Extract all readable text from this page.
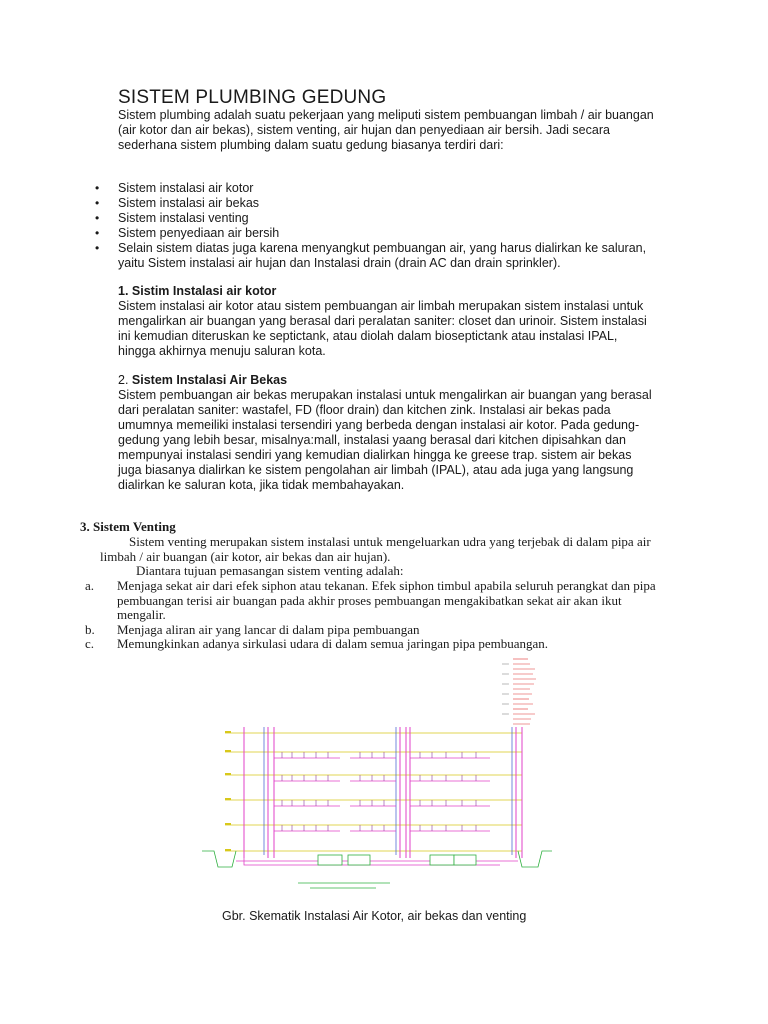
SISTEM PLUMBING GEDUNG
Sistem plumbing adalah suatu pekerjaan yang meliputi sistem pembuangan limbah / air buangan (air kotor dan air bekas), sistem venting, air hujan dan penyediaan air bersih. Jadi secara sederhana sistem plumbing dalam suatu gedung biasanya terdiri dari:
• Sistem instalasi air kotor
• Sistem instalasi air bekas
• Sistem instalasi venting
• Sistem penyediaan air bersih
• Selain sistem diatas juga karena menyangkut pembuangan air, yang harus dialirkan ke saluran, yaitu Sistem instalasi air hujan dan Instalasi drain (drain AC dan drain sprinkler).
1. Sistim Instalasi air kotor
Sistem instalasi air kotor atau sistem pembuangan air limbah merupakan sistem instalasi untuk mengalirkan air buangan yang berasal dari peralatan saniter: closet dan urinoir. Sistem instalasi ini kemudian diteruskan ke septictank, atau diolah dalam bioseptictank atau instalasi IPAL, hingga akhirnya menuju saluran kota.
2. Sistem Instalasi Air Bekas
Sistem pembuangan air bekas merupakan instalasi untuk mengalirkan air buangan yang berasal dari peralatan saniter: wastafel, FD (floor drain) dan kitchen zink. Instalasi air bekas pada umumnya memeiliki instalasi tersendiri yang berbeda dengan instalasi air kotor. Pada gedung-gedung yang lebih besar, misalnya:mall, instalasi yaang berasal dari kitchen dipisahkan dan mempunyai instalasi sendiri yang kemudian dialirkan hingga ke greese trap. sistem air bekas juga biasanya dialirkan ke sistem pengolahan air limbah (IPAL), atau ada juga yang langsung dialirkan ke saluran kota, jika tidak membahayakan.
3. Sistem Venting
Sistem venting merupakan sistem instalasi untuk mengeluarkan udra yang terjebak di dalam pipa air
limbah / air buangan (air kotor, air bekas dan air hujan).
Diantara tujuan pemasangan sistem venting adalah:
a. Menjaga sekat air dari efek siphon atau tekanan. Efek siphon timbul apabila seluruh perangkat dan pipa pembuangan terisi air buangan pada akhir proses pembuangan mengakibatkan sekat air akan ikut mengalir.
b. Menjaga aliran air yang lancar di dalam pipa pembuangan
c. Memungkinkan adanya sirkulasi udara di dalam semua jaringan pipa pembuangan.
Gbr. Skematik Instalasi Air Kotor, air bekas dan venting
